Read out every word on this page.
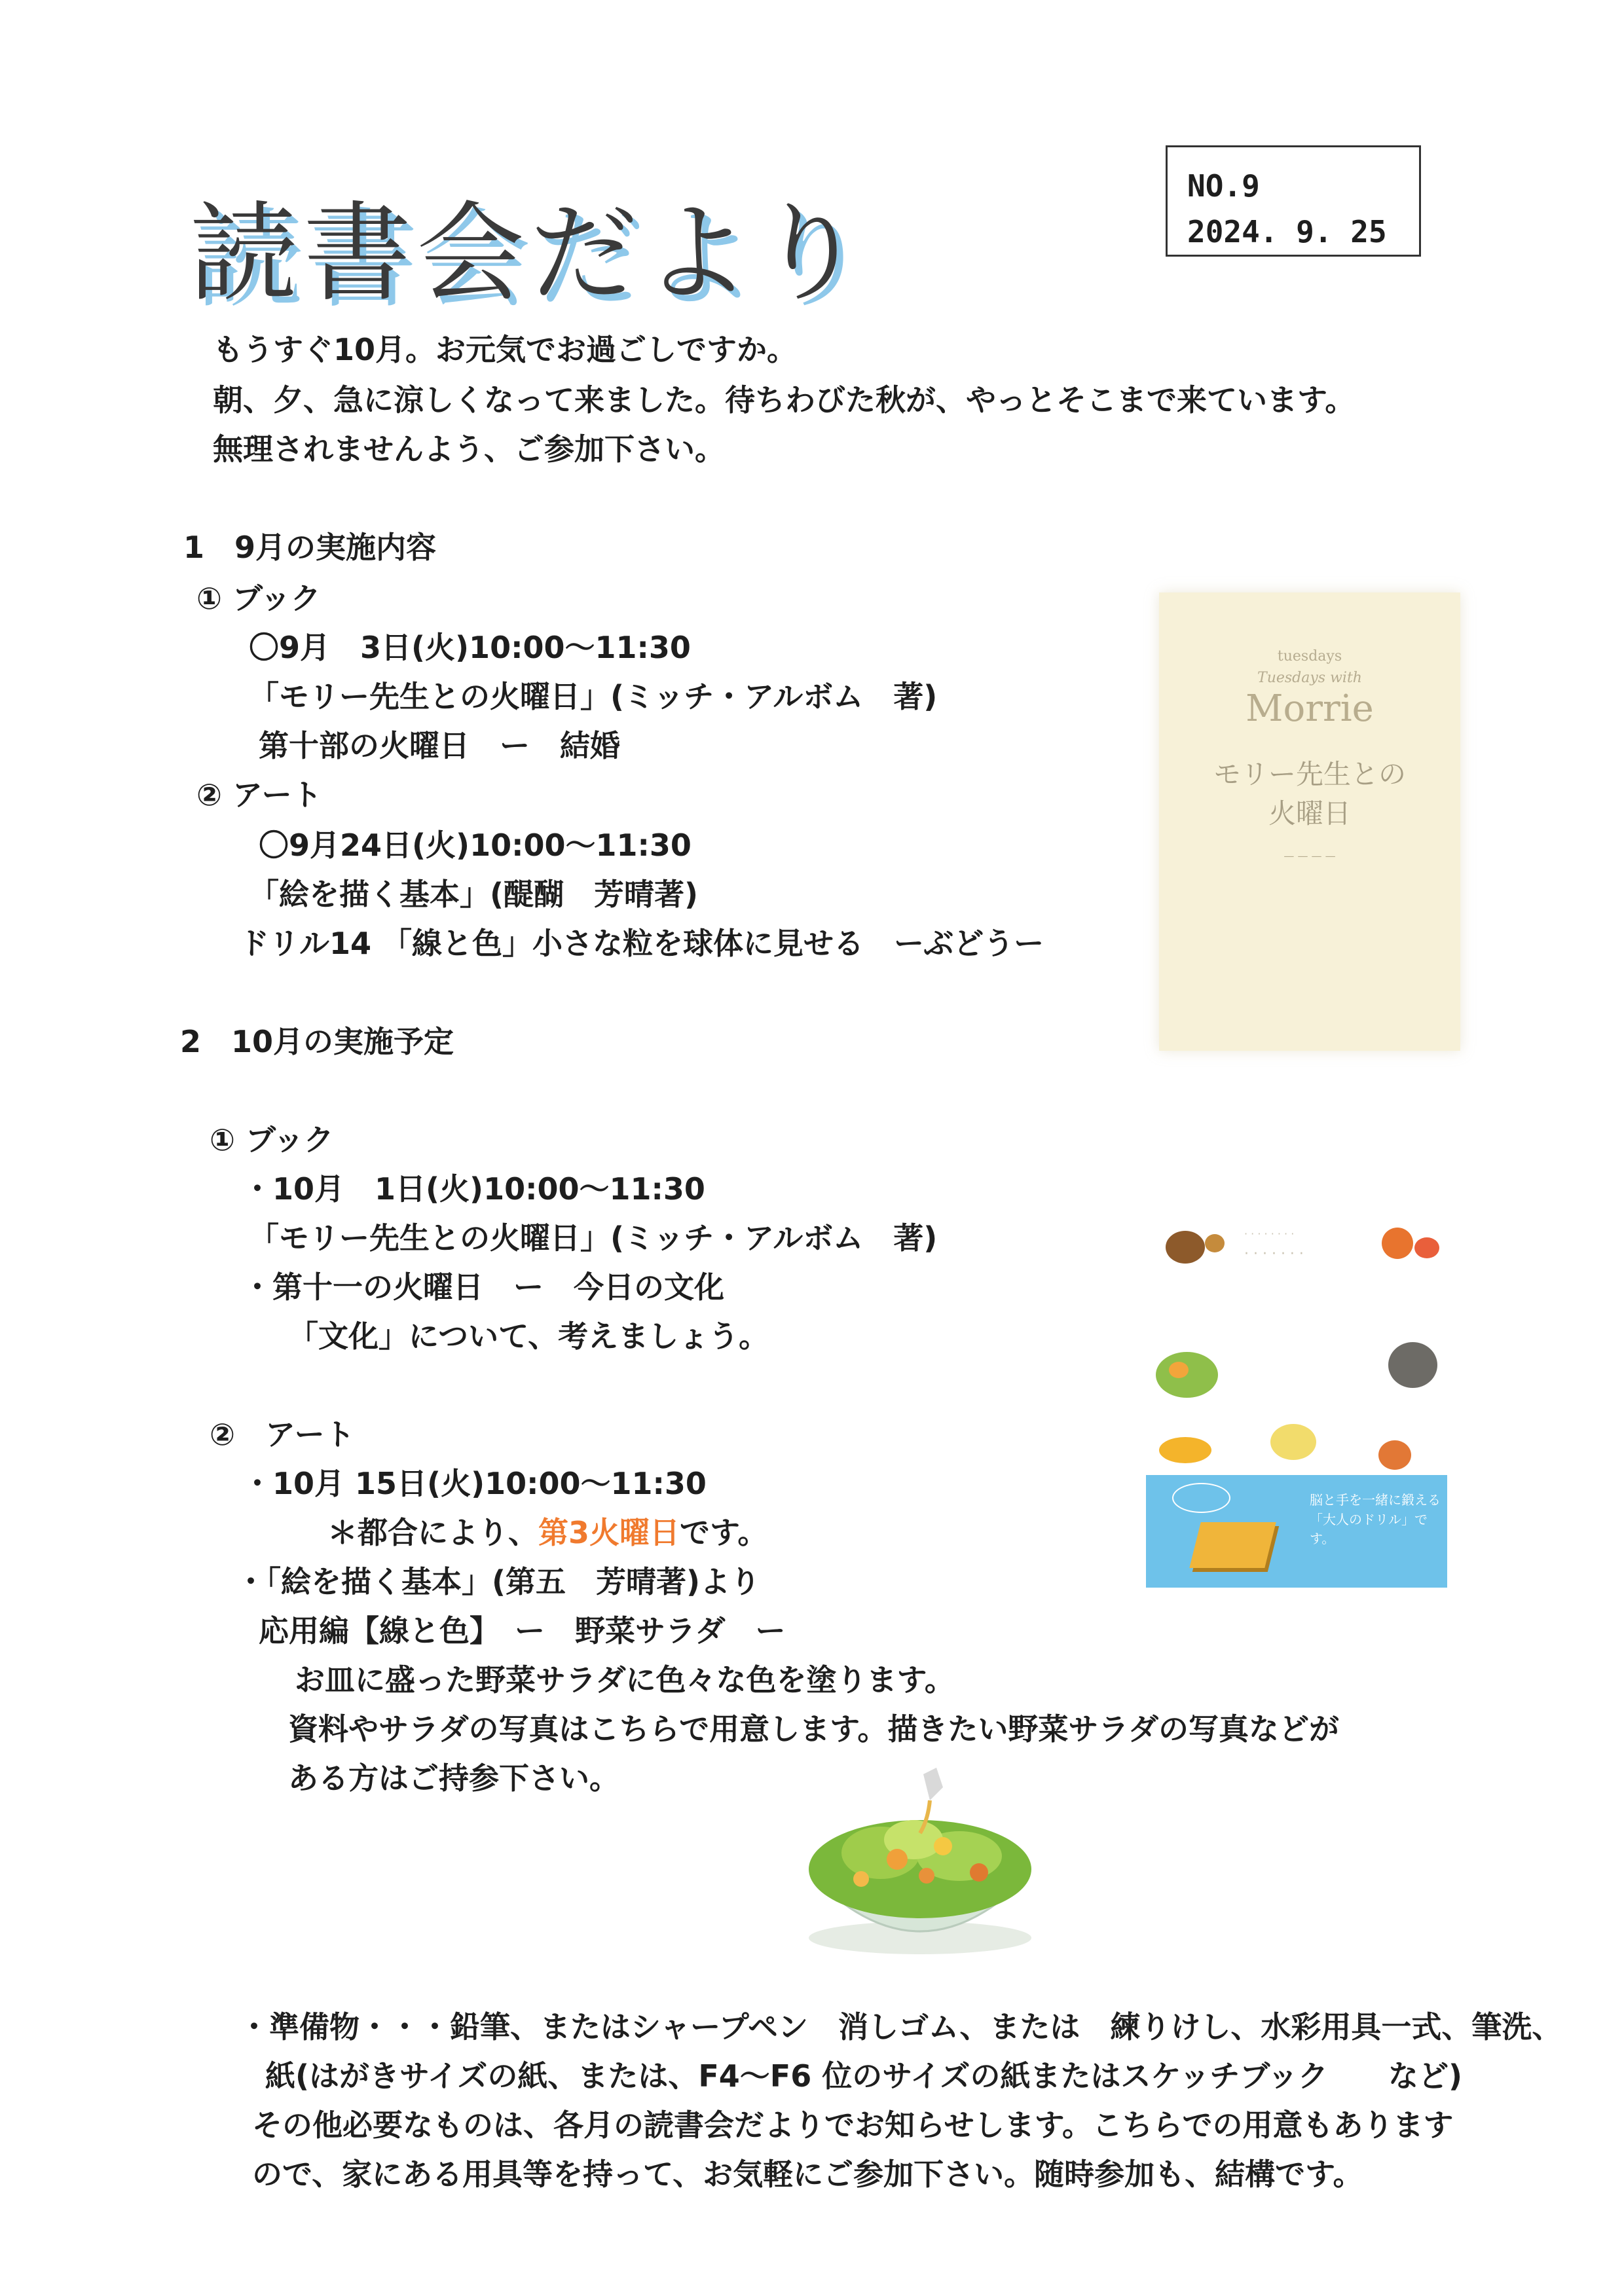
読書会だより
NO.9
2024. 9. 25
もうすぐ10月。お元気でお過ごしですか。
朝、夕、急に涼しくなって来ました。待ちわびた秋が、やっとそこまで来ています。
無理されませんよう、ご参加下さい。
1　9月の実施内容
① ブック
〇9月　3日(火)10:00～11:30
「モリー先生との火曜日」(ミッチ・アルボム　著)
第十部の火曜日　ー　結婚
② アート
〇9月24日(火)10:00～11:30
「絵を描く基本」(醍醐　芳晴著)
ドリル14 「線と色」小さな粒を球体に見せる　ーぶどうー
2　10月の実施予定
① ブック
・10月　1日(火)10:00～11:30
「モリー先生との火曜日」(ミッチ・アルボム　著)
・第十一の火曜日　ー　今日の文化
「文化」について、考えましょう。
②　アート
・10月 15日(火)10:00～11:30
＊都合により、第3火曜日です。
・「絵を描く基本」(第五　芳晴著)より
応用編【線と色】　ー　野菜サラダ　ー
お皿に盛った野菜サラダに色々な色を塗ります。
資料やサラダの写真はこちらで用意します。描きたい野菜サラダの写真などが
ある方はご持参下さい。
・準備物・・・鉛筆、またはシャープペン　消しゴム、または　練りけし、水彩用具一式、筆洗、
紙(はがきサイズの紙、または、F4～F6 位のサイズの紙またはスケッチブック　　など)
その他必要なものは、各月の読書会だよりでお知らせします。こちらでの用意もあります
ので、家にある用具等を持って、お気軽にご参加下さい。随時参加も、結構です。
tuesdays
Tuesdays with
Morrie
モリー先生との
火曜日
— — — —
· · · · · · · ·
· · · · · · ·
脳と手を一緒に鍛える
「大人のドリル」です。
